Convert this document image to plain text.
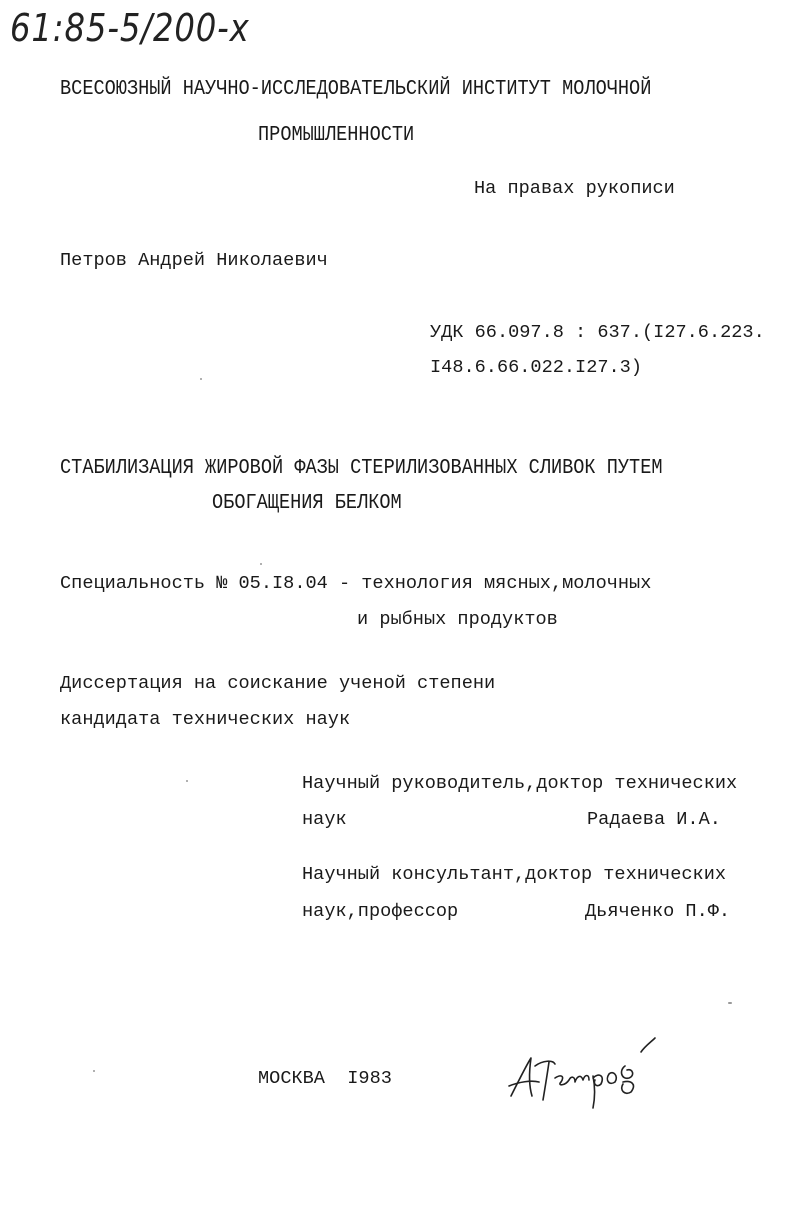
61:85-5/200-х
ВСЕСОЮЗНЫЙ НАУЧНО-ИССЛЕДОВАТЕЛЬСКИЙ ИНСТИТУТ МОЛОЧНОЙ
ПРОМЫШЛЕННОСТИ
На правах рукописи
Петров Андрей Николаевич
УДК 66.097.8 : 637.(I27.6.223.
I48.6.66.022.I27.3)
СТАБИЛИЗАЦИЯ ЖИРОВОЙ ФАЗЫ СТЕРИЛИЗОВАННЫХ СЛИВОК ПУТЕМ
ОБОГАЩЕНИЯ БЕЛКОМ
Специальность № 05.I8.04 - технология мясных,молочных
и рыбных продуктов
Диссертация на соискание ученой степени
кандидата технических наук
Научный руководитель,доктор технических
наук	Радаева И.А.
Научный консультант,доктор технических
наук,профессор	Дьяченко П.Ф.
МОСКВА  I983
